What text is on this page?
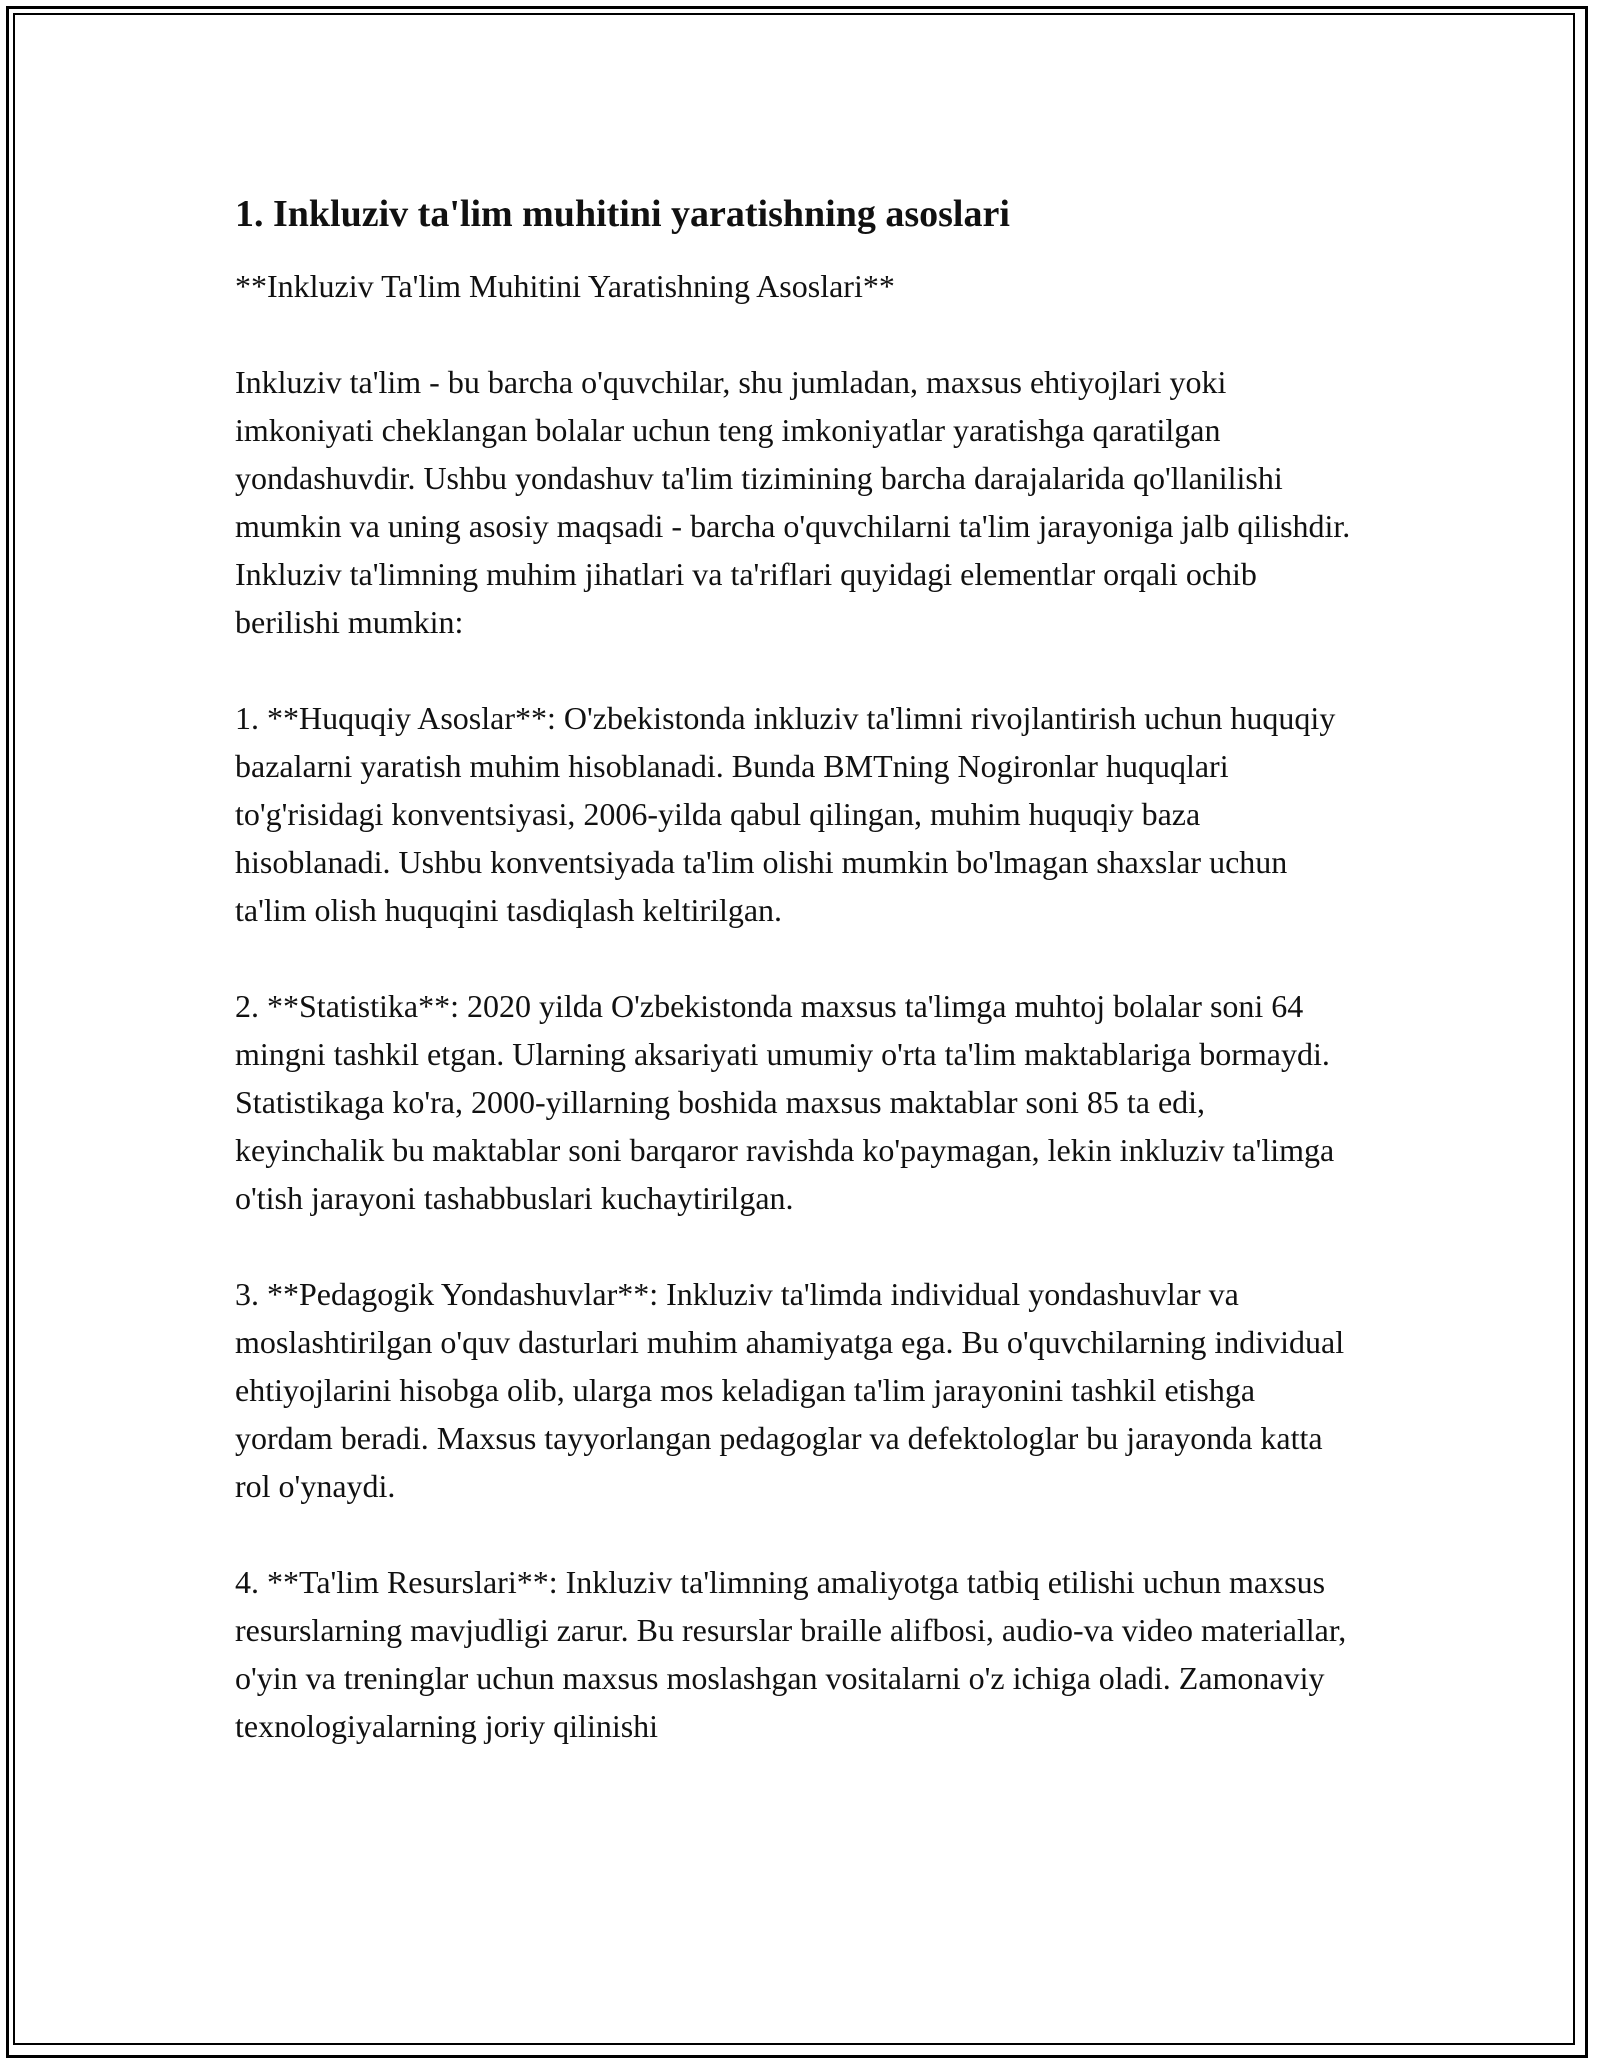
1. Inkluziv ta'lim muhitini yaratishning asoslari

**Inkluziv Ta'lim Muhitini Yaratishning Asoslari**

Inkluziv ta'lim - bu barcha o'quvchilar, shu jumladan, maxsus ehtiyojlari yoki imkoniyati cheklangan bolalar uchun teng imkoniyatlar yaratishga qaratilgan yondashuvdir. Ushbu yondashuv ta'lim tizimining barcha darajalarida qo'llanilishi mumkin va uning asosiy maqsadi - barcha o'quvchilarni ta'lim jarayoniga jalb qilishdir. Inkluziv ta'limning muhim jihatlari va ta'riflari quyidagi elementlar orqali ochib berilishi mumkin:

1. **Huquqiy Asoslar**: O'zbekistonda inkluziv ta'limni rivojlantirish uchun huquqiy bazalarni yaratish muhim hisoblanadi. Bunda BMTning Nogironlar huquqlari to'g'risidagi konventsiyasi, 2006-yilda qabul qilingan, muhim huquqiy baza hisoblanadi. Ushbu konventsiyada ta'lim olishi mumkin bo'lmagan shaxslar uchun ta'lim olish huquqini tasdiqlash keltirilgan.

2. **Statistika**: 2020 yilda O'zbekistonda maxsus ta'limga muhtoj bolalar soni 64 mingni tashkil etgan. Ularning aksariyati umumiy o'rta ta'lim maktablariga bormaydi. Statistikaga ko'ra, 2000-yillarning boshida maxsus maktablar soni 85 ta edi, keyinchalik bu maktablar soni barqaror ravishda ko'paymagan, lekin inkluziv ta'limga o'tish jarayoni tashabbuslari kuchaytirilgan.

3. **Pedagogik Yondashuvlar**: Inkluziv ta'limda individual yondashuvlar va moslashtirilgan o'quv dasturlari muhim ahamiyatga ega. Bu o'quvchilarning individual ehtiyojlarini hisobga olib, ularga mos keladigan ta'lim jarayonini tashkil etishga yordam beradi. Maxsus tayyorlangan pedagoglar va defektologlar bu jarayonda katta rol o'ynaydi.

4. **Ta'lim Resurslari**: Inkluziv ta'limning amaliyotga tatbiq etilishi uchun maxsus resurslarning mavjudligi zarur. Bu resurslar braille alifbosi, audio-va video materiallar, o'yin va treninglar uchun maxsus moslashgan vositalarni o'z ichiga oladi. Zamonaviy texnologiyalarning joriy qilinishi
